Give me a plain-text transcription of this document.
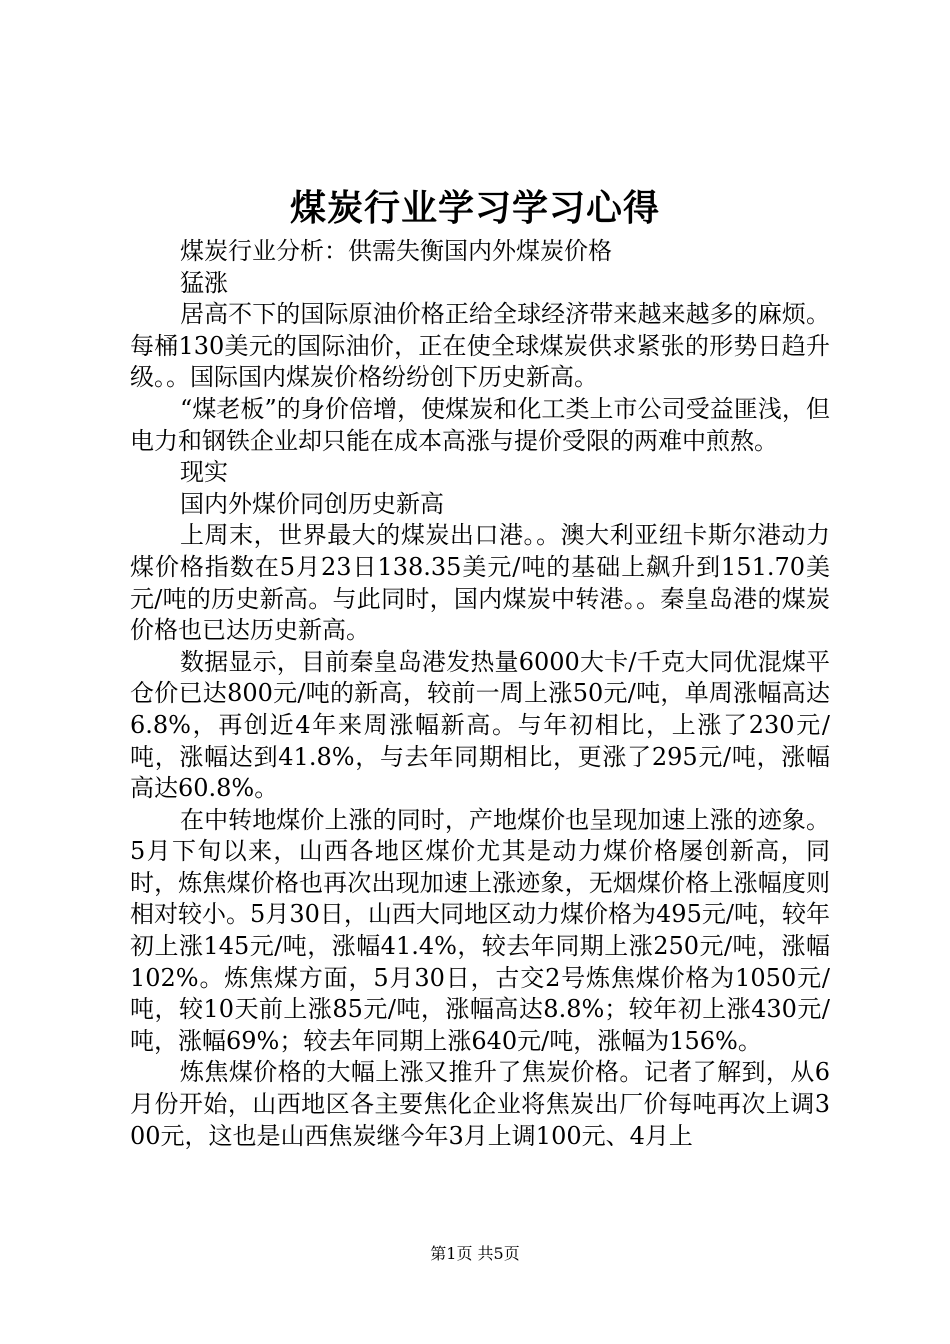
煤炭行业学习学习心得

煤炭行业分析：供需失衡国内外煤炭价格

猛涨

居高不下的国际原油价格正给全球经济带来越来越多的麻烦。每桶130美元的国际油价，正在使全球煤炭供求紧张的形势日趋升级。。国际国内煤炭价格纷纷创下历史新高。

“煤老板”的身价倍增，使煤炭和化工类上市公司受益匪浅，但电力和钢铁企业却只能在成本高涨与提价受限的两难中煎熬。

现实

国内外煤价同创历史新高

上周末，世界最大的煤炭出口港。。澳大利亚纽卡斯尔港动力煤价格指数在5月23日138.35美元/吨的基础上飙升到151.70美元/吨的历史新高。与此同时，国内煤炭中转港。。秦皇岛港的煤炭价格也已达历史新高。

数据显示，目前秦皇岛港发热量6000大卡/千克大同优混煤平仓价已达800元/吨的新高，较前一周上涨50元/吨，单周涨幅高达6.8%，再创近4年来周涨幅新高。与年初相比，上涨了230元/吨，涨幅达到41.8%，与去年同期相比，更涨了295元/吨，涨幅高达60.8%。

在中转地煤价上涨的同时，产地煤价也呈现加速上涨的迹象。5月下旬以来，山西各地区煤价尤其是动力煤价格屡创新高，同时，炼焦煤价格也再次出现加速上涨迹象，无烟煤价格上涨幅度则相对较小。5月30日，山西大同地区动力煤价格为495元/吨，较年初上涨145元/吨，涨幅41.4%，较去年同期上涨250元/吨，涨幅102%。炼焦煤方面，5月30日，古交2号炼焦煤价格为1050元/吨，较10天前上涨85元/吨，涨幅高达8.8%；较年初上涨430元/吨，涨幅69%；较去年同期上涨640元/吨，涨幅为156%。

炼焦煤价格的大幅上涨又推升了焦炭价格。记者了解到，从6月份开始，山西地区各主要焦化企业将焦炭出厂价每吨再次上调300元，这也是山西焦炭继今年3月上调100元、4月上

第1页 共5页
